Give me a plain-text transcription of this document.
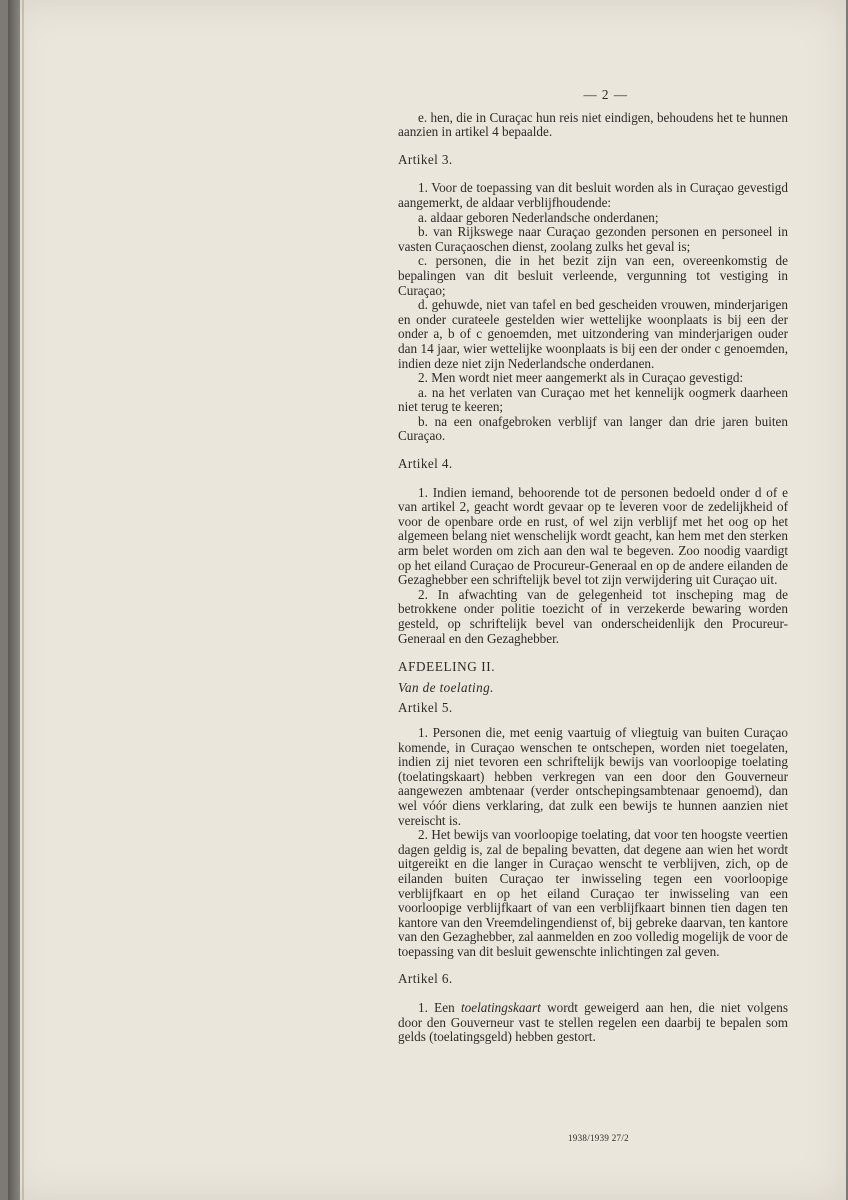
— 2 —

e. hen, die in Curaçac hun reis niet eindigen, behoudens het te hunnen aanzien in artikel 4 bepaalde.

Artikel 3.

1. Voor de toepassing van dit besluit worden als in Curaçao gevestigd aangemerkt, de aldaar verblijfhoudende:

a. aldaar geboren Nederlandsche onderdanen;

b. van Rijkswege naar Curaçao gezonden personen en personeel in vasten Curaçaoschen dienst, zoolang zulks het geval is;

c. personen, die in het bezit zijn van een, overeenkomstig de bepalingen van dit besluit verleende, vergunning tot vestiging in Curaçao;

d. gehuwde, niet van tafel en bed gescheiden vrouwen, minderjarigen en onder curateele gestelden wier wettelijke woonplaats is bij een der onder a, b of c genoemden, met uitzondering van minderjarigen ouder dan 14 jaar, wier wettelijke woonplaats is bij een der onder c genoemden, indien deze niet zijn Nederlandsche onderdanen.

2. Men wordt niet meer aangemerkt als in Curaçao gevestigd:

a. na het verlaten van Curaçao met het kennelijk oogmerk daarheen niet terug te keeren;

b. na een onafgebroken verblijf van langer dan drie jaren buiten Curaçao.

Artikel 4.

1. Indien iemand, behoorende tot de personen bedoeld onder d of e van artikel 2, geacht wordt gevaar op te leveren voor de zedelijkheid of voor de openbare orde en rust, of wel zijn verblijf met het oog op het algemeen belang niet wenschelijk wordt geacht, kan hem met den sterken arm belet worden om zich aan den wal te begeven. Zoo noodig vaardigt op het eiland Curaçao de Procureur-Generaal en op de andere eilanden de Gezaghebber een schriftelijk bevel tot zijn verwijdering uit Curaçao uit.

2. In afwachting van de gelegenheid tot inscheping mag de betrokkene onder politie toezicht of in verzekerde bewaring worden gesteld, op schriftelijk bevel van onderscheidenlijk den Procureur-Generaal en den Gezaghebber.

AFDEELING II.

Van de toelating.

Artikel 5.

1. Personen die, met eenig vaartuig of vliegtuig van buiten Curaçao komende, in Curaçao wenschen te ontschepen, worden niet toegelaten, indien zij niet tevoren een schriftelijk bewijs van voorloopige toelating (toelatingskaart) hebben verkregen van een door den Gouverneur aangewezen ambtenaar (verder ontschepingsambtenaar genoemd), dan wel vóór diens verklaring, dat zulk een bewijs te hunnen aanzien niet vereischt is.

2. Het bewijs van voorloopige toelating, dat voor ten hoogste veertien dagen geldig is, zal de bepaling bevatten, dat degene aan wien het wordt uitgereikt en die langer in Curaçao wenscht te verblijven, zich, op de eilanden buiten Curaçao ter inwisseling tegen een voorloopige verblijfkaart en op het eiland Curaçao ter inwisseling van een voorloopige verblijfkaart of van een verblijfkaart binnen tien dagen ten kantore van den Vreemdelingendienst of, bij gebreke daarvan, ten kantore van den Gezaghebber, zal aanmelden en zoo volledig mogelijk de voor de toepassing van dit besluit gewenschte inlichtingen zal geven.

Artikel 6.

1. Een toelatingskaart wordt geweigerd aan hen, die niet volgens door den Gouverneur vast te stellen regelen een daarbij te bepalen som gelds (toelatingsgeld) hebben gestort.

1938/1939 27/2
